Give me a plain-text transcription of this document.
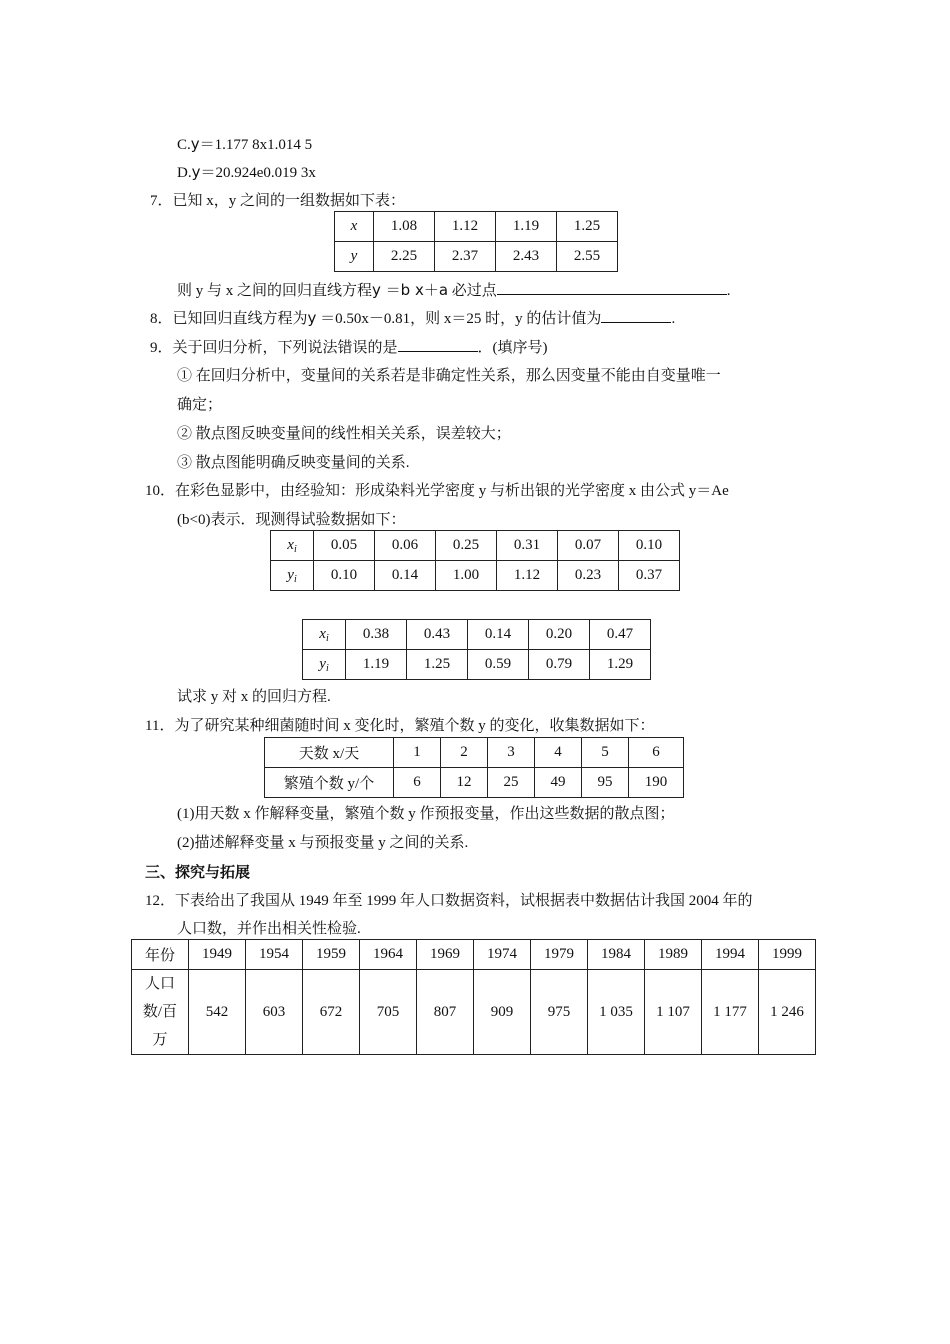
C.y＝1.177 8x1.014 5
D.y＝20.924e0.019 3x
7．已知 x，y 之间的一组数据如下表：
x	1.08	1.12	1.19	1.25
y	2.25	2.37	2.43	2.55
则 y 与 x 之间的回归直线方程y ＝b x＋a 必过点	.
8．已知回归直线方程为y ＝0.50x－0.81，则 x＝25 时，y 的估计值为	.
9．关于回归分析，下列说法错误的是	．(填序号)
① 在回归分析中，变量间的关系若是非确定性关系，那么因变量不能由自变量唯一
确定；
② 散点图反映变量间的线性相关关系，误差较大；
③ 散点图能明确反映变量间的关系.
10．在彩色显影中，由经验知：形成染料光学密度 y 与析出银的光学密度 x 由公式 y＝Ae
(b<0)表示．现测得试验数据如下：
$x_i$	0.05	0.06	0.25	0.31	0.07	0.10
$y_i$	0.10	0.14	1.00	1.12	0.23	0.37
$x_i$	0.38	0.43	0.14	0.20	0.47
$y_i$	1.19	1.25	0.59	0.79	1.29
试求 y 对 x 的回归方程.
11．为了研究某种细菌随时间 x 变化时，繁殖个数 y 的变化，收集数据如下：
天数 x/天	1	2	3	4	5	6
繁殖个数 y/个	6	12	25	49	95	190
(1)用天数 x 作解释变量，繁殖个数 y 作预报变量，作出这些数据的散点图；
(2)描述解释变量 x 与预报变量 y 之间的关系.
三、探究与拓展
12．下表给出了我国从 1949 年至 1999 年人口数据资料，试根据表中数据估计我国 2004 年的
人口数，并作出相关性检验.
年份	1949	1954	1959	1964	1969	1974	1979	1984	1989	1994	1999

人口
数/百
万	542	603	672	705	807	909	975	1 035	1 107	1 177	1 246
